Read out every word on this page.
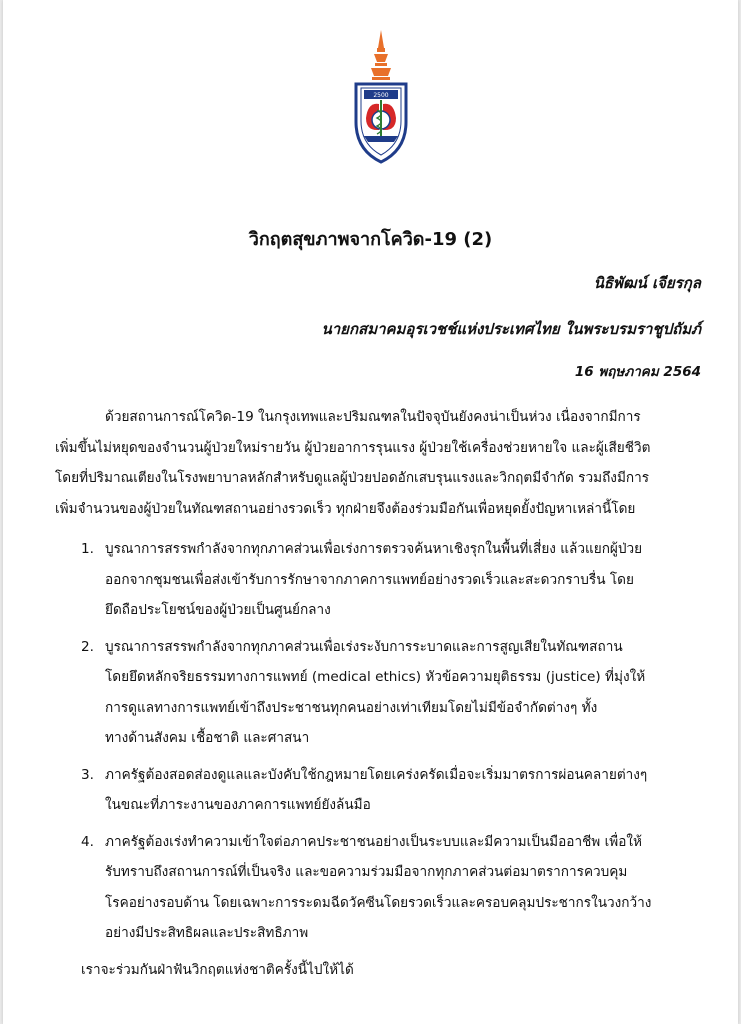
2500
วิกฤตสุขภาพจากโควิด-19 (2)
นิธิพัฒน์ เจียรกุล
นายกสมาคมอุรเวชช์แห่งประเทศไทย ในพระบรมราชูปถัมภ์
16 พฤษภาคม 2564
ด้วยสถานการณ์โควิด-19 ในกรุงเทพและปริมณฑลในปัจจุบันยังคงน่าเป็นห่วง เนื่องจากมีการ
เพิ่มขึ้นไม่หยุดของจำนวนผู้ป่วยใหม่รายวัน ผู้ป่วยอาการรุนแรง ผู้ป่วยใช้เครื่องช่วยหายใจ และผู้เสียชีวิต
โดยที่ปริมาณเตียงในโรงพยาบาลหลักสำหรับดูแลผู้ป่วยปอดอักเสบรุนแรงและวิกฤตมีจำกัด รวมถึงมีการ
เพิ่มจำนวนของผู้ป่วยในทัณฑสถานอย่างรวดเร็ว ทุกฝ่ายจึงต้องร่วมมือกันเพื่อหยุดยั้งปัญหาเหล่านี้โดย
1. บูรณาการสรรพกำลังจากทุกภาคส่วนเพื่อเร่งการตรวจค้นหาเชิงรุกในพื้นที่เสี่ยง แล้วแยกผู้ป่วย
ออกจากชุมชนเพื่อส่งเข้ารับการรักษาจากภาคการแพทย์อย่างรวดเร็วและสะดวกราบรื่น โดย
ยึดถือประโยชน์ของผู้ป่วยเป็นศูนย์กลาง
2. บูรณาการสรรพกำลังจากทุกภาคส่วนเพื่อเร่งระงับการระบาดและการสูญเสียในทัณฑสถาน
โดยยึดหลักจริยธรรมทางการแพทย์ (medical ethics) หัวข้อความยุติธรรม (justice) ที่มุ่งให้
การดูแลทางการแพทย์เข้าถึงประชาชนทุกคนอย่างเท่าเทียมโดยไม่มีข้อจำกัดต่างๆ ทั้ง
ทางด้านสังคม เชื้อชาติ และศาสนา
3. ภาครัฐต้องสอดส่องดูแลและบังคับใช้กฎหมายโดยเคร่งครัดเมื่อจะเริ่มมาตรการผ่อนคลายต่างๆ
ในขณะที่ภาระงานของภาคการแพทย์ยังล้นมือ
4. ภาครัฐต้องเร่งทำความเข้าใจต่อภาคประชาชนอย่างเป็นระบบและมีความเป็นมืออาชีพ เพื่อให้
รับทราบถึงสถานการณ์ที่เป็นจริง และขอความร่วมมือจากทุกภาคส่วนต่อมาตราการควบคุม
โรคอย่างรอบด้าน โดยเฉพาะการระดมฉีดวัคซีนโดยรวดเร็วและครอบคลุมประชากรในวงกว้าง
อย่างมีประสิทธิผลและประสิทธิภาพ
เราจะร่วมกันฝ่าฟันวิกฤตแห่งชาติครั้งนี้ไปให้ได้
